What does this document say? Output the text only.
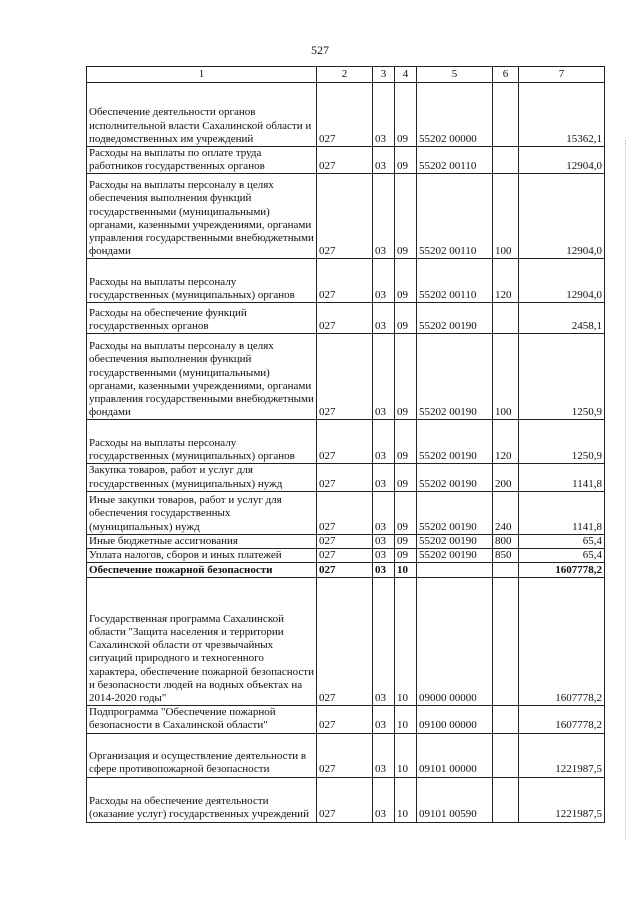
527
1	2	3	4	5	6	7
Обеспечение деятельности органов исполнительной власти Сахалинской области и подведомственных им учреждений	027	03	09	55202 00000		15362,1
Расходы на выплаты по оплате труда работников государственных органов	027	03	09	55202 00110		12904,0
Расходы на выплаты персоналу в целях обеспечения выполнения функций государственными (муниципальными) органами, казенными учреждениями, органами управления государственными внебюджетными фондами	027	03	09	55202 00110	100	12904,0
Расходы на выплаты персоналу государственных (муниципальных) органов	027	03	09	55202 00110	120	12904,0
Расходы на обеспечение функций государственных органов	027	03	09	55202 00190		2458,1
Расходы на выплаты персоналу в целях обеспечения выполнения функций государственными (муниципальными) органами, казенными учреждениями, органами управления государственными внебюджетными фондами	027	03	09	55202 00190	100	1250,9
Расходы на выплаты персоналу государственных (муниципальных) органов	027	03	09	55202 00190	120	1250,9
Закупка товаров, работ и услуг для государственных (муниципальных) нужд	027	03	09	55202 00190	200	1141,8
Иные закупки товаров, работ и услуг для обеспечения государственных (муниципальных) нужд	027	03	09	55202 00190	240	1141,8
Иные бюджетные ассигнования	027	03	09	55202 00190	800	65,4
Уплата налогов, сборов и иных платежей	027	03	09	55202 00190	850	65,4
Обеспечение пожарной безопасности	027	03	10			1607778,2
Государственная программа Сахалинской области "Защита населения и территории Сахалинской области от чрезвычайных ситуаций природного и техногенного характера, обеспечение пожарной безопасности и безопасности людей на водных объектах на 2014-2020 годы"	027	03	10	09000 00000		1607778,2
Подпрограмма "Обеспечение пожарной безопасности в Сахалинской области"	027	03	10	09100 00000		1607778,2
Организация и осуществление деятельности в сфере противопожарной безопасности	027	03	10	09101 00000		1221987,5
Расходы на обеспечение деятельности (оказание услуг) государственных учреждений	027	03	10	09101 00590		1221987,5
